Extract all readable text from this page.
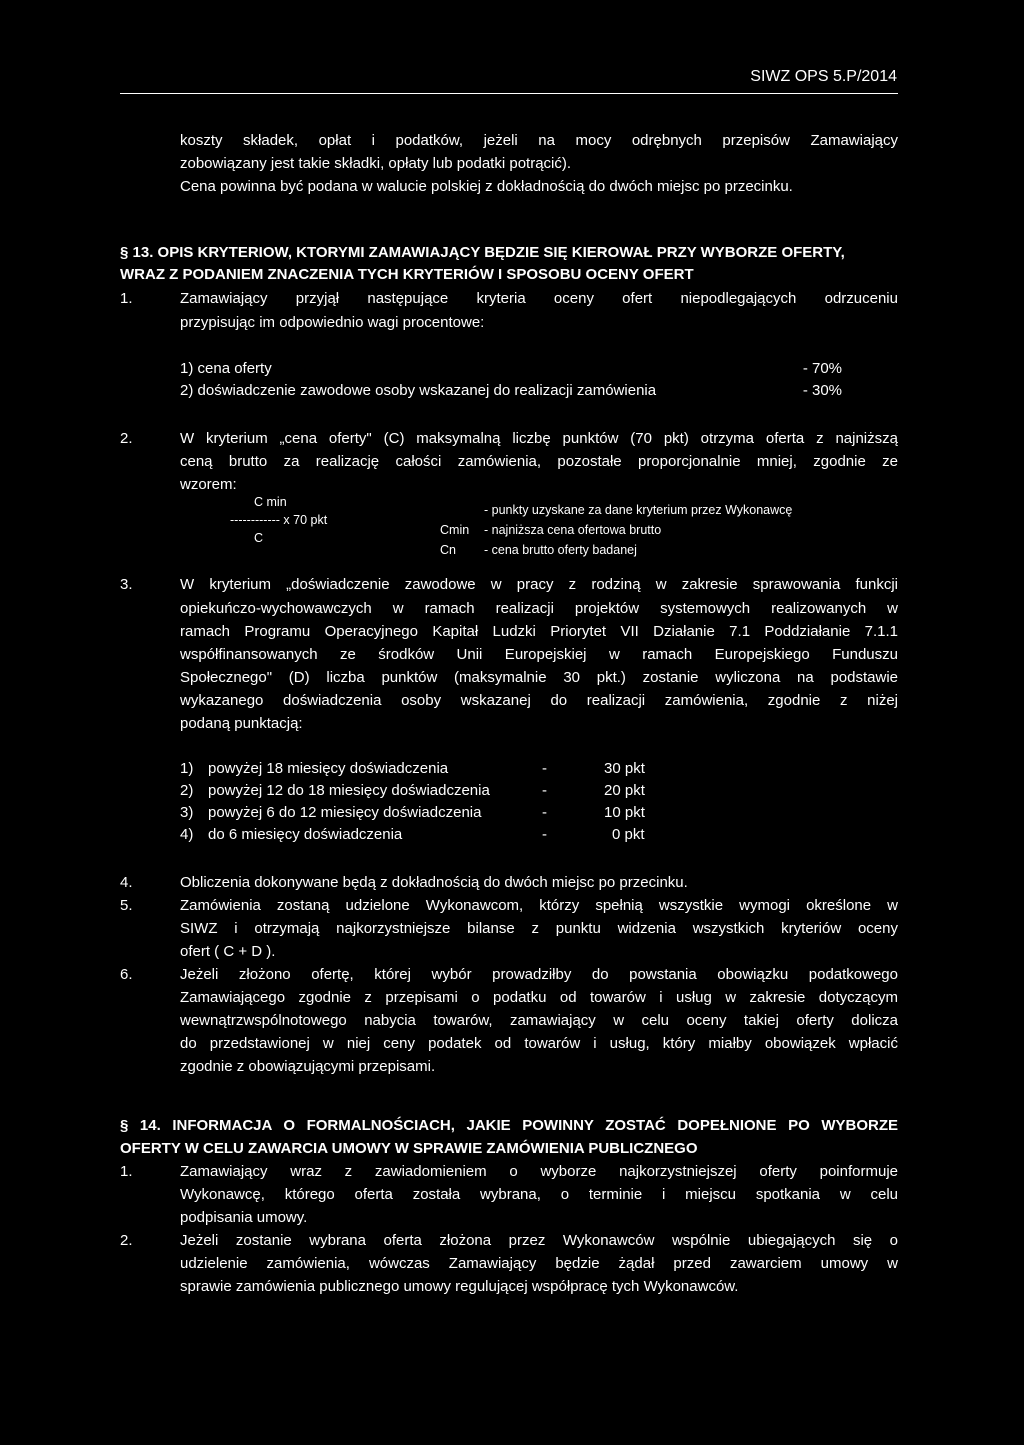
SIWZ OPS 5.P/2014
koszty składek, opłat i podatków, jeżeli na mocy odrębnych przepisów Zamawiający
zobowiązany jest takie składki, opłaty lub podatki potrącić).
Cena powinna być podana w walucie polskiej z dokładnością do dwóch miejsc po przecinku.
§ 13. OPIS KRYTERIOW, KTORYMI ZAMAWIAJĄCY BĘDZIE SIĘ KIEROWAŁ PRZY WYBORZE OFERTY,
WRAZ Z PODANIEM ZNACZENIA TYCH KRYTERIÓW I SPOSOBU OCENY OFERT
1.	Zamawiający przyjął następujące kryteria oceny ofert niepodlegających odrzuceniu
przypisując im odpowiednio wagi procentowe:
1) cena oferty	- 70%
2) doświadczenie zawodowe osoby wskazanej do realizacji zamówienia	- 30%
2.	W kryterium „cena oferty" (C) maksymalną liczbę punktów (70 pkt) otrzyma oferta z najniższą
ceną brutto za realizację całości zamówienia, pozostałe proporcjonalnie mniej, zgodnie ze
wzorem:
C min
------------ x 70 pkt
C
- punkty uzyskane za dane kryterium przez Wykonawcę
Cmin - najniższa cena ofertowa brutto
Cn - cena brutto oferty badanej
3.	W kryterium „doświadczenie zawodowe w pracy z rodziną w zakresie sprawowania funkcji
opiekuńczo-wychowawczych w ramach realizacji projektów systemowych realizowanych w
ramach Programu Operacyjnego Kapitał Ludzki Priorytet VII Działanie 7.1 Poddziałanie 7.1.1
współfinansowanych ze środków Unii Europejskiej w ramach Europejskiego Funduszu
Społecznego" (D) liczba punktów (maksymalnie 30 pkt.) zostanie wyliczona na podstawie
wykazanego doświadczenia osoby wskazanej do realizacji zamówienia, zgodnie z niżej
podaną punktacją:
1) powyżej 18 miesięcy doświadczenia	-	30 pkt
2) powyżej 12 do 18 miesięcy doświadczenia	-	20 pkt
3) powyżej 6 do 12 miesięcy doświadczenia	-	10 pkt
4) do 6 miesięcy doświadczenia	-	0 pkt
4.	Obliczenia dokonywane będą z dokładnością do dwóch miejsc po przecinku.
5.	Zamówienia zostaną udzielone Wykonawcom, którzy spełnią wszystkie wymogi określone w
SIWZ i otrzymają najkorzystniejsze bilanse z punktu widzenia wszystkich kryteriów oceny
ofert ( C + D ).
6.	Jeżeli złożono ofertę, której wybór prowadziłby do powstania obowiązku podatkowego
Zamawiającego zgodnie z przepisami o podatku od towarów i usług w zakresie dotyczącym
wewnątrzwspólnotowego nabycia towarów, zamawiający w celu oceny takiej oferty dolicza
do przedstawionej w niej ceny podatek od towarów i usług, który miałby obowiązek wpłacić
zgodnie z obowiązującymi przepisami.
§ 14. INFORMACJA O FORMALNOŚCIACH, JAKIE POWINNY ZOSTAĆ DOPEŁNIONE PO WYBORZE
OFERTY W CELU ZAWARCIA UMOWY W SPRAWIE ZAMÓWIENIA PUBLICZNEGO
1.	Zamawiający wraz z zawiadomieniem o wyborze najkorzystniejszej oferty poinformuje
Wykonawcę, którego oferta została wybrana, o terminie i miejscu spotkania w celu
podpisania umowy.
2.	Jeżeli zostanie wybrana oferta złożona przez Wykonawców wspólnie ubiegających się o
udzielenie zamówienia, wówczas Zamawiający będzie żądał przed zawarciem umowy w
sprawie zamówienia publicznego umowy regulującej współpracę tych Wykonawców.
